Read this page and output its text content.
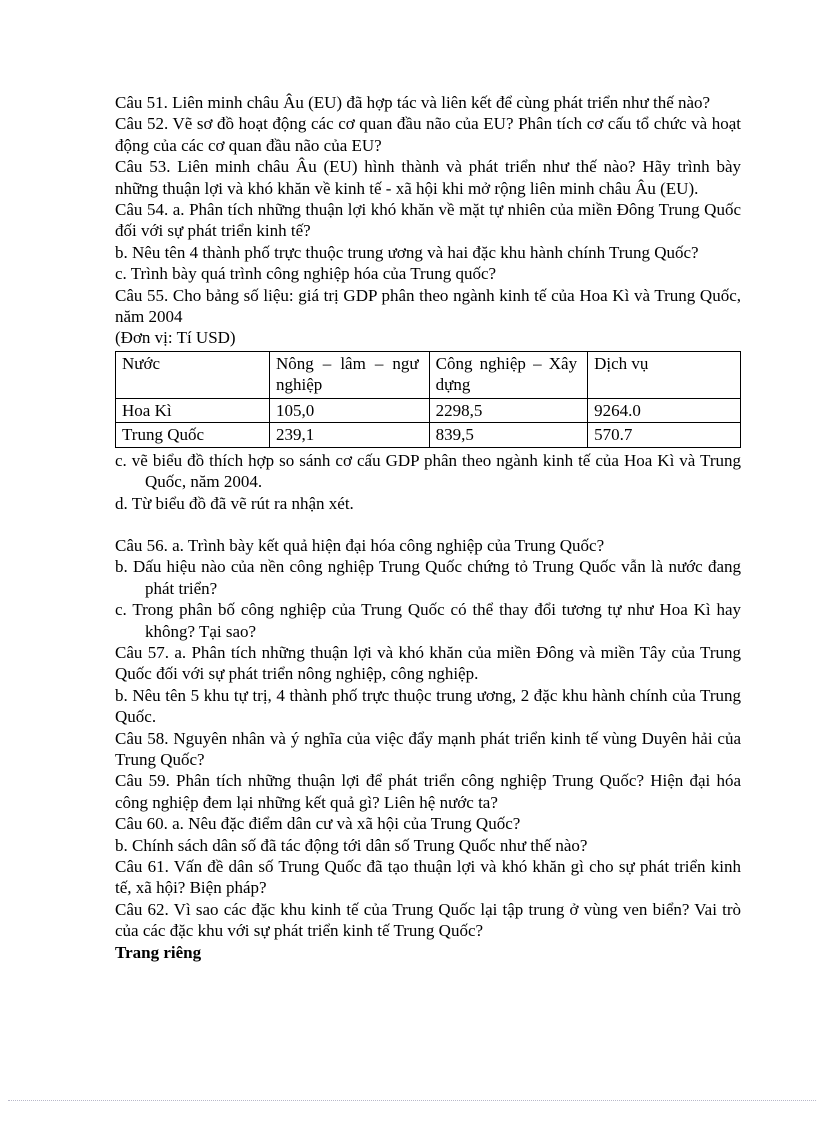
Câu 51. Liên minh châu Âu (EU) đã hợp tác và liên kết để cùng phát triển như thế nào?

Câu 52. Vẽ sơ đồ hoạt động các cơ quan đầu não của EU? Phân tích cơ cấu tổ chức và hoạt động của các cơ quan đầu não của EU?

Câu 53. Liên minh châu Âu (EU) hình thành và phát triển như thế nào? Hãy trình bày những thuận lợi và khó khăn về kinh tế - xã hội khi mở rộng liên minh châu Âu (EU).

Câu 54. a. Phân tích những thuận lợi khó khăn về mặt tự nhiên của miền Đông Trung Quốc đối với sự phát triển kinh tế?

b. Nêu tên 4 thành phố trực thuộc trung ương và hai đặc khu hành chính Trung Quốc?

c. Trình bày quá trình công nghiệp hóa của Trung quốc?

Câu 55. Cho bảng số liệu: giá trị GDP phân theo ngành kinh tế của Hoa Kì và Trung Quốc, năm 2004

(Đơn vị: Tí USD)

Nước	Nông – lâm – ngư nghiệp	Công nghiệp – Xây dựng	Dịch vụ
Hoa Kì	105,0	2298,5	9264.0
Trung Quốc	239,1	839,5	570.7

c. vẽ biểu đồ thích hợp so sánh cơ cấu GDP phân theo ngành kinh tế của Hoa Kì và Trung Quốc, năm 2004.

d. Từ biểu đồ đã vẽ rút ra nhận xét.

Câu 56. a. Trình bày kết quả hiện đại hóa công nghiệp của Trung Quốc?

b. Dấu hiệu nào của nền công nghiệp Trung Quốc chứng tỏ Trung Quốc vẫn là nước đang phát triển?

c. Trong phân bố công nghiệp của Trung Quốc có thể thay đổi tương tự như Hoa Kì hay không? Tại sao?

Câu 57. a. Phân tích những thuận lợi và khó khăn của miền Đông và miền Tây của Trung Quốc đối với sự phát triển nông nghiệp, công nghiệp.

b. Nêu tên 5 khu tự trị, 4 thành phố trực thuộc trung ương, 2 đặc khu hành chính của Trung Quốc.

Câu 58. Nguyên nhân và ý nghĩa của việc đẩy mạnh phát triển kinh tế vùng Duyên hải của Trung Quốc?

Câu 59. Phân tích những thuận lợi để phát triển công nghiệp Trung Quốc? Hiện đại hóa công nghiệp đem lại những kết quả gì? Liên hệ nước ta?

Câu 60. a. Nêu đặc điểm dân cư và xã hội của Trung Quốc?

b. Chính sách dân số đã tác động tới dân số Trung Quốc như thế nào?

Câu 61. Vấn đề dân số Trung Quốc đã tạo thuận lợi và khó khăn gì cho sự phát triển kinh tế, xã hội? Biện pháp?

Câu 62. Vì sao các đặc khu kinh tế của Trung Quốc lại tập trung ở vùng ven biển? Vai trò của các đặc khu với sự phát triển kinh tế Trung Quốc?

Trang riêng
